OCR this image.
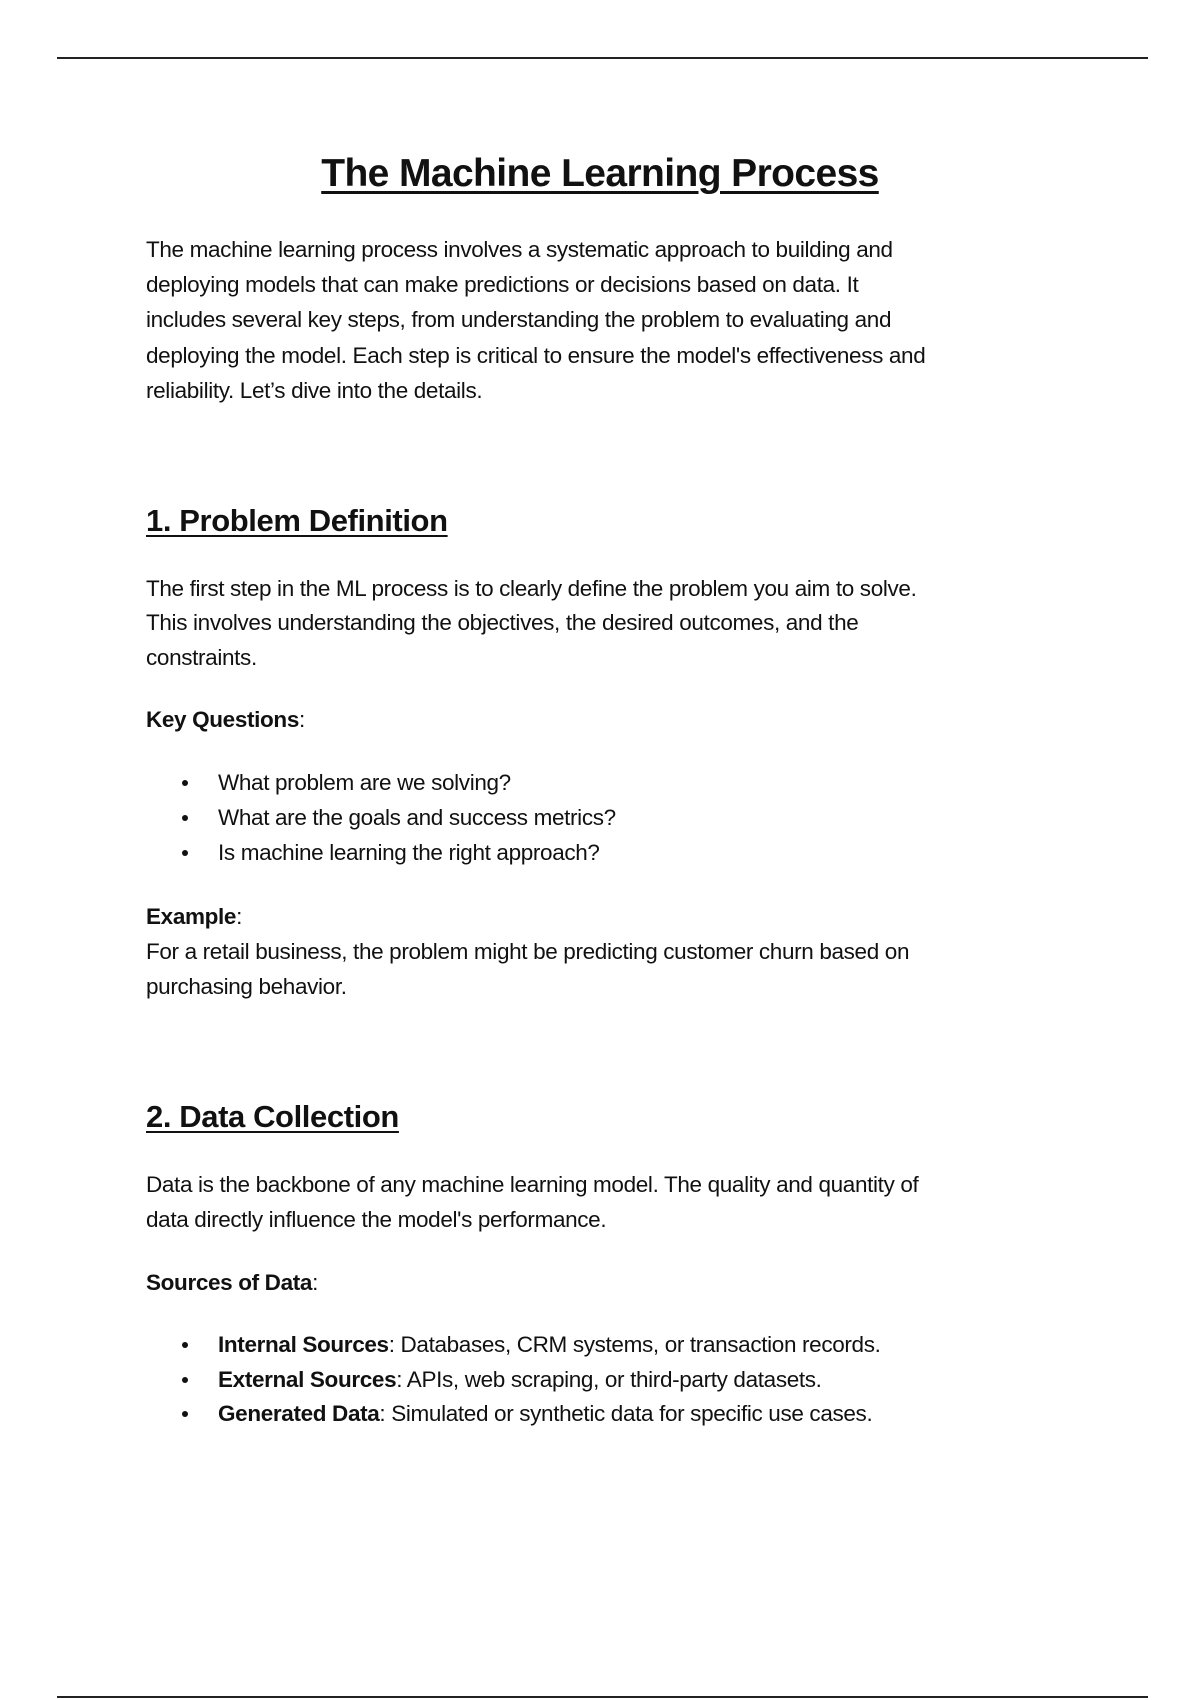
The Machine Learning Process
The machine learning process involves a systematic approach to building and
deploying models that can make predictions or decisions based on data. It
includes several key steps, from understanding the problem to evaluating and
deploying the model. Each step is critical to ensure the model's effectiveness and
reliability. Let’s dive into the details.
1. Problem Definition
The first step in the ML process is to clearly define the problem you aim to solve.
This involves understanding the objectives, the desired outcomes, and the
constraints.
Key Questions:
What problem are we solving?
What are the goals and success metrics?
Is machine learning the right approach?
Example:
For a retail business, the problem might be predicting customer churn based on
purchasing behavior.
2. Data Collection
Data is the backbone of any machine learning model. The quality and quantity of
data directly influence the model's performance.
Sources of Data:
Internal Sources: Databases, CRM systems, or transaction records.
External Sources: APIs, web scraping, or third-party datasets.
Generated Data: Simulated or synthetic data for specific use cases.
